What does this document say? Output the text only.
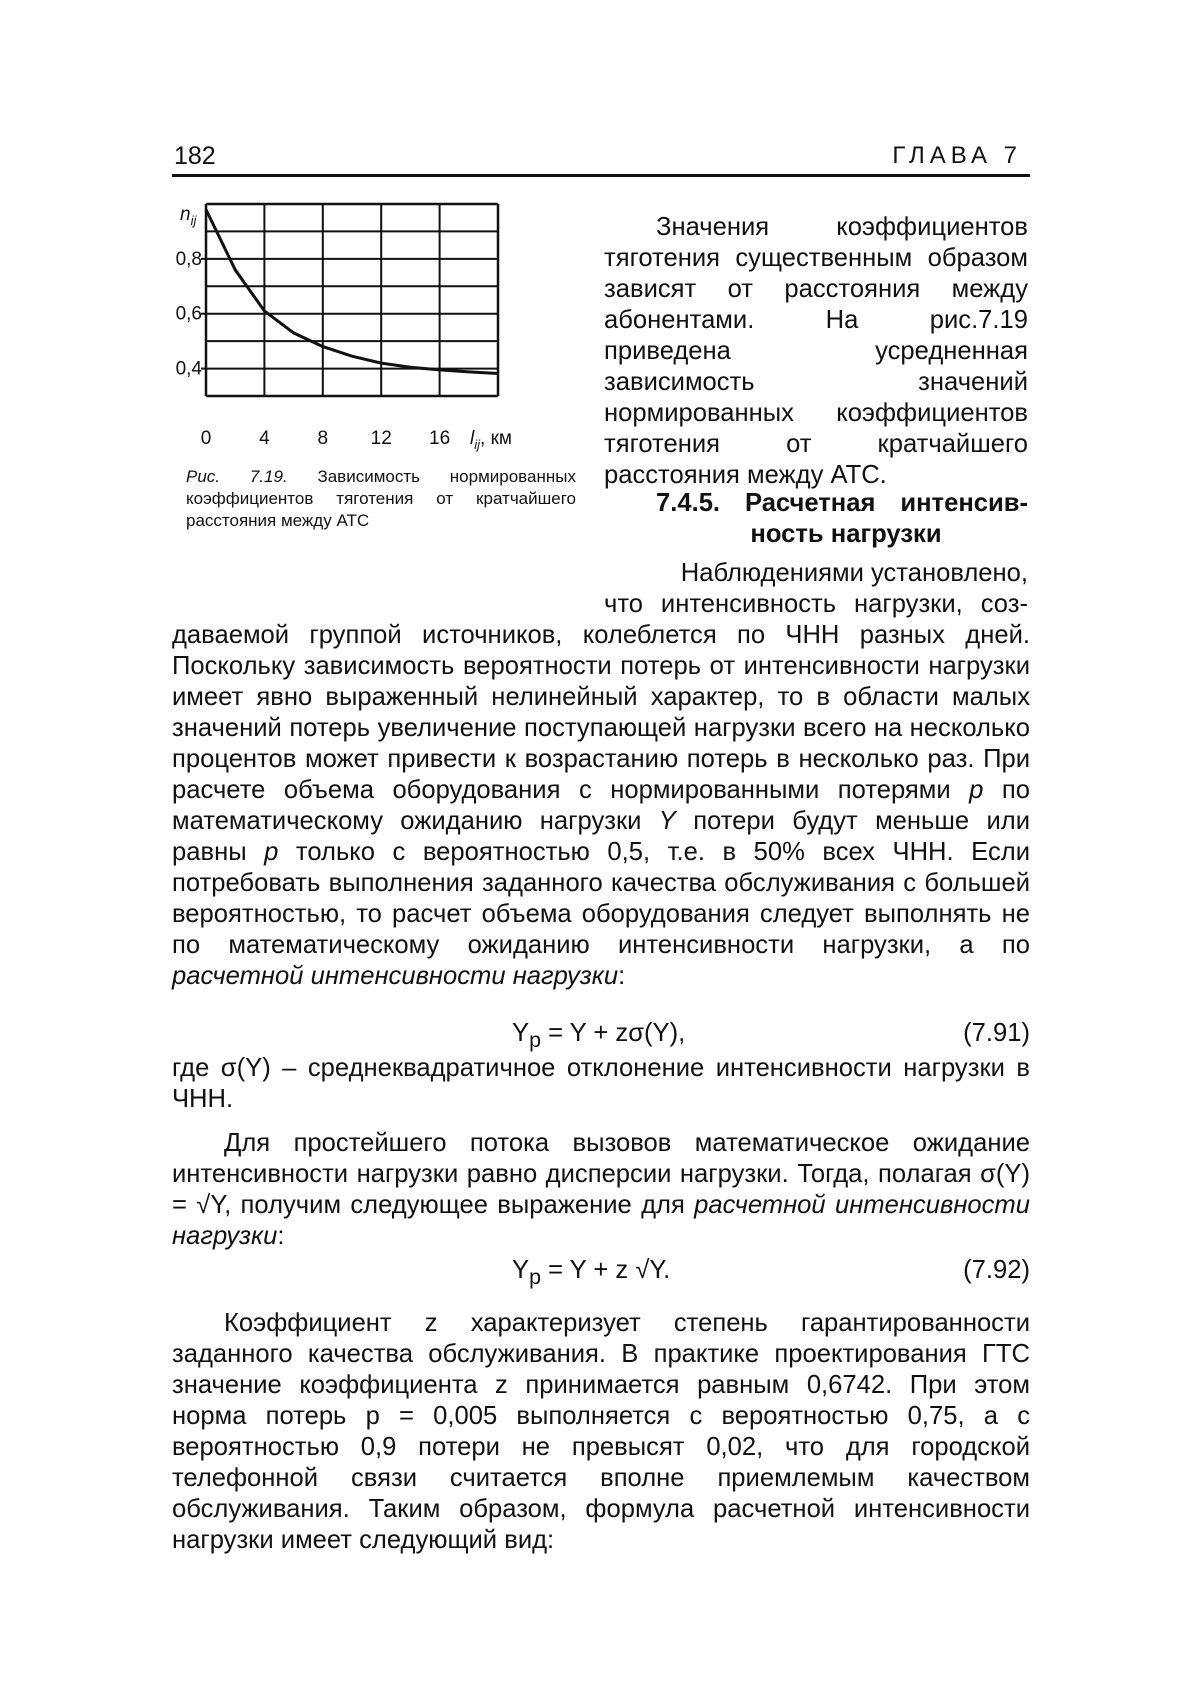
182	ГЛАВА 7
0,8
0,6
0,4
0	4	8 12 16
$n_{ij}$
$l_{ij}$, км
Рис. 7.19. Зависимость нормированных коэффициентов тяготения от кратчайшего расстояния между АТС
Значения коэффициентов тяготения существенным образом зависят от расстояния между абонентами. На рис.7.19 приведена усредненная зависимость значений нормированных коэффициентов тяготения от кратчайшего расстояния между АТС.
7.4.5. Расчетная интенсив-
ность нагрузки
Наблюдениями установлено,
что интенсивность нагрузки, соз-
даваемой группой источников, колеблется по ЧНН разных дней. Поскольку зависимость вероятности потерь от интенсивности нагрузки имеет явно выраженный нелинейный характер, то в области малых значений потерь увеличение поступающей нагрузки всего на несколько процентов может привести к возрастанию потерь в несколько раз. При расчете объема оборудования с нормированными потерями p по математическому ожиданию нагрузки Y потери будут меньше или равны p только с вероятностью 0,5, т.е. в 50% всех ЧНН. Если потребовать выполнения заданного качества обслуживания с большей вероятностью, то расчет объема оборудования следует выполнять не по математическому ожиданию интенсивности нагрузки, а по расчетной интенсивности нагрузки:
$Y_p = Y + z\sigma(Y)$,	(7.91)
где σ(Y) – среднеквадратичное отклонение интенсивности нагрузки в ЧНН.
Для простейшего потока вызовов математическое ожидание интенсивности нагрузки равно дисперсии нагрузки. Тогда, полагая σ(Y) = √Y, получим следующее выражение для расчетной интенсивности нагрузки:
$Y_p = Y + z$ √Y.	(7.92)
Коэффициент z характеризует степень гарантированности заданного качества обслуживания. В практике проектирования ГТС значение коэффициента z принимается равным 0,6742. При этом норма потерь p = 0,005 выполняется с вероятностью 0,75, а с вероятностью 0,9 потери не превысят 0,02, что для городской телефонной связи считается вполне приемлемым качеством обслуживания. Таким образом, формула расчетной интенсивности нагрузки имеет следующий вид:
